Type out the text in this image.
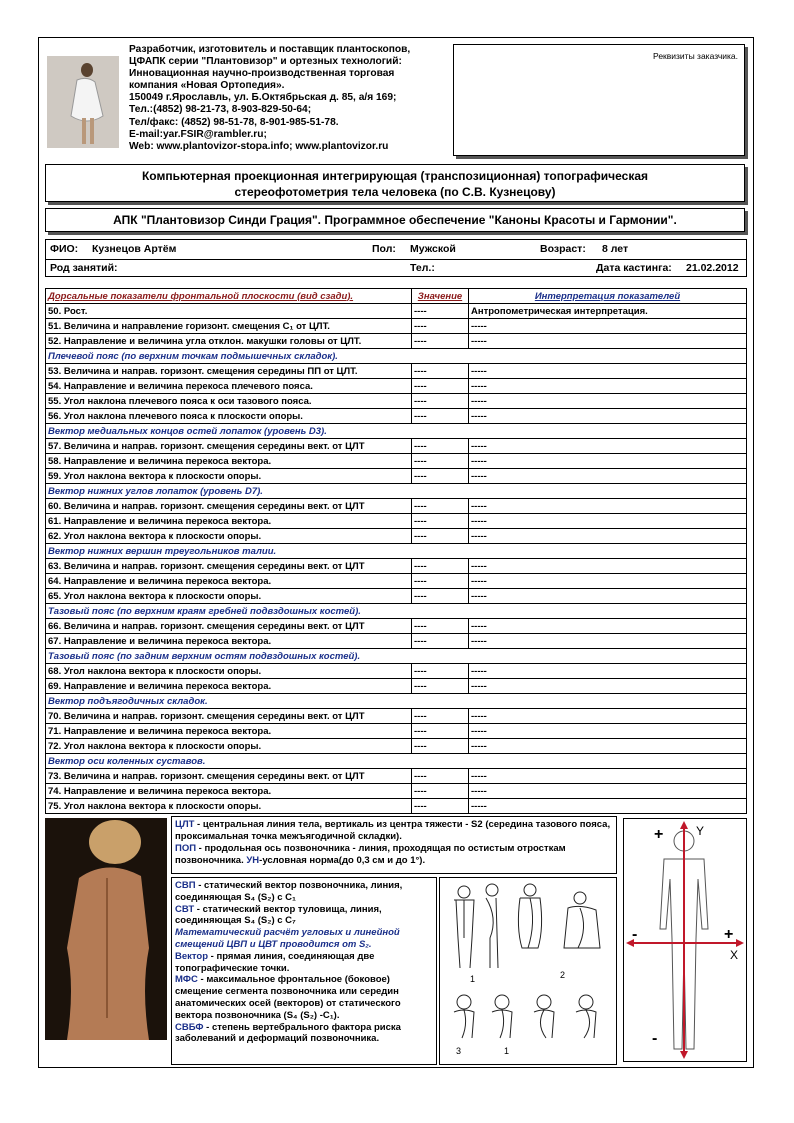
Разработчик, изготовитель и поставщик плантоскопов,
ЦФАПК серии "Плантовизор" и ортезных технологий:
Инновационная научно-производственная торговая
компания «Новая Ортопедия».
150049 г.Ярославль, ул. Б.Октябрьская д. 85, а/я 169;
Тел.:(4852) 98-21-73, 8-903-829-50-64;
Тел/факс: (4852) 98-51-78, 8-901-985-51-78.
E-mail:yar.FSIR@rambler.ru;
Web: www.plantovizor-stopa.info; www.plantovizor.ru
Реквизиты заказчика.
Компьютерная проекционная интегрирующая (транспозиционная) топографическая
стереофотометрия тела человека (по С.В. Кузнецову)
АПК "Плантовизор Синди Грация". Программное обеспечение "Каноны Красоты и Гармонии".
ФИО: Кузнецов Артём	Пол: Мужской	Возраст: 8 лет
Род занятий:	Тел.:	Дата кастинга: 21.02.2012
Дорсальные показатели фронтальной плоскости (вид сзади).	Значение	Интерпретация показателей
50. Рост.	----	Антропометрическая интерпретация.
51. Величина и направление горизонт. смещения С₁ от ЦЛТ.	----	-----
52. Направление и величина угла отклон. макушки головы от ЦЛТ.	----	-----
Плечевой пояс (по верхним точкам подмышечных складок).		
53. Величина и направ. горизонт. смещения середины ПП от ЦЛТ.	----	-----
54. Направление и величина перекоса плечевого пояса.	----	-----
55. Угол наклона плечевого пояса к оси тазового пояса.	----	-----
56. Угол наклона плечевого пояса к плоскости опоры.	----	-----
Вектор медиальных концов остей лопаток (уровень D3).		
57. Величина и направ. горизонт. смещения середины вект. от ЦЛТ	----	-----
58. Направление и величина перекоса вектора.	----	-----
59. Угол наклона вектора к плоскости опоры.	----	-----
Вектор нижних углов лопаток (уровень D7).		
60. Величина и направ. горизонт. смещения середины вект. от ЦЛТ	----	-----
61. Направление и величина перекоса вектора.	----	-----
62. Угол наклона вектора к плоскости опоры.	----	-----
Вектор нижних вершин треугольников талии.		
63. Величина и направ. горизонт. смещения середины вект. от ЦЛТ	----	-----
64. Направление и величина перекоса вектора.	----	-----
65. Угол наклона вектора к плоскости опоры.	----	-----
Тазовый пояс (по верхним краям гребней подвздошных костей).		
66. Величина и направ. горизонт. смещения середины вект. от ЦЛТ	----	-----
67. Направление и величина перекоса вектора.	----	-----
Тазовый пояс (по задним верхним остям подвздошных костей).		
68. Угол наклона вектора к плоскости опоры.	----	-----
69. Направление и величина перекоса вектора.	----	-----
Вектор подъягодичных складок.		
70. Величина и направ. горизонт. смещения середины вект. от ЦЛТ	----	-----
71. Направление и величина перекоса вектора.	----	-----
72. Угол наклона вектора к плоскости опоры.	----	-----
Вектор оси коленных суставов.		
73. Величина и направ. горизонт. смещения середины вект. от ЦЛТ	----	-----
74. Направление и величина перекоса вектора.	----	-----
75. Угол наклона вектора к плоскости опоры.	----	-----
ЦЛТ - центральная линия тела, вертикаль из центра тяжести - S2 (середина тазового пояса, проксимальная точка межъягодичной складки).
ПОП - продольная ось позвоночника - линия, проходящая по остистым отросткам позвоночника. УН-условная норма(до 0,3 см и до 1°).
СВП - статический вектор позвоночника, линия, соединяющая S₄ (S₂) с C₁
СВТ - статический вектор туловища, линия, соединяющая S₄ (S₂) с C₇
Математический расчёт угловых и линейной смещений ЦВП и ЦВТ проводится от S₂.
Вектор - прямая линия, соединяющая две топографические точки.
МФС - максимальное фронтальное (боковое) смещение сегмента позвоночника или середин анатомических осей (векторов) от статического вектора позвоночника (S₄ (S₂) -C₁).
СВБФ - степень вертебрального фактора риска заболеваний и деформаций позвоночника.
1	2
3	1
+	Y
-	+
X
-
